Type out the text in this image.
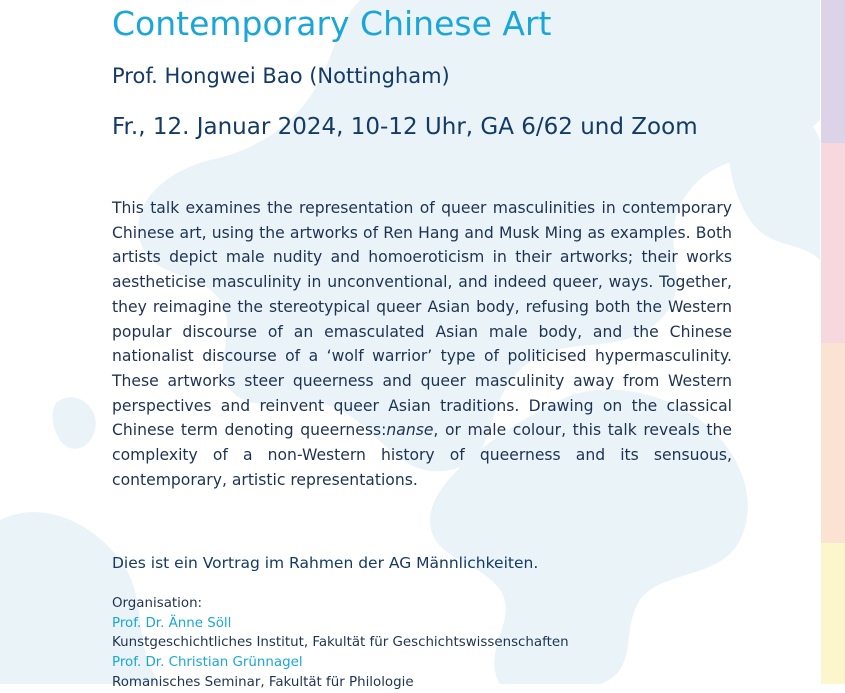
Contemporary Chinese Art

Prof. Hongwei Bao (Nottingham)

Fr., 12. Januar 2024, 10-12 Uhr, GA 6/62 und Zoom

This talk examines the representation of queer masculinities in contemporary Chinese art, using the artworks of Ren Hang and Musk Ming as examples. Both artists depict male nudity and homoeroticism in their artworks; their works aestheticise masculinity in unconventional, and indeed queer, ways. Together, they reimagine the stereotypical queer Asian body, refusing both the Western popular discourse of an emasculated Asian male body, and the Chinese nationalist discourse of a ‘wolf warrior’ type of politicised hypermasculinity. These artworks steer queerness and queer masculinity away from Western perspectives and reinvent queer Asian traditions. Drawing on the classical Chinese term denoting queerness:nanse, or male colour, this talk reveals the complexity of a non-Western history of queerness and its sensuous, contemporary, artistic representations.

Dies ist ein Vortrag im Rahmen der AG Männlichkeiten.

Organisation:
Prof. Dr. Änne Söll
Kunstgeschichtliches Institut, Fakultät für Geschichtswissenschaften
Prof. Dr. Christian Grünnagel
Romanisches Seminar, Fakultät für Philologie
